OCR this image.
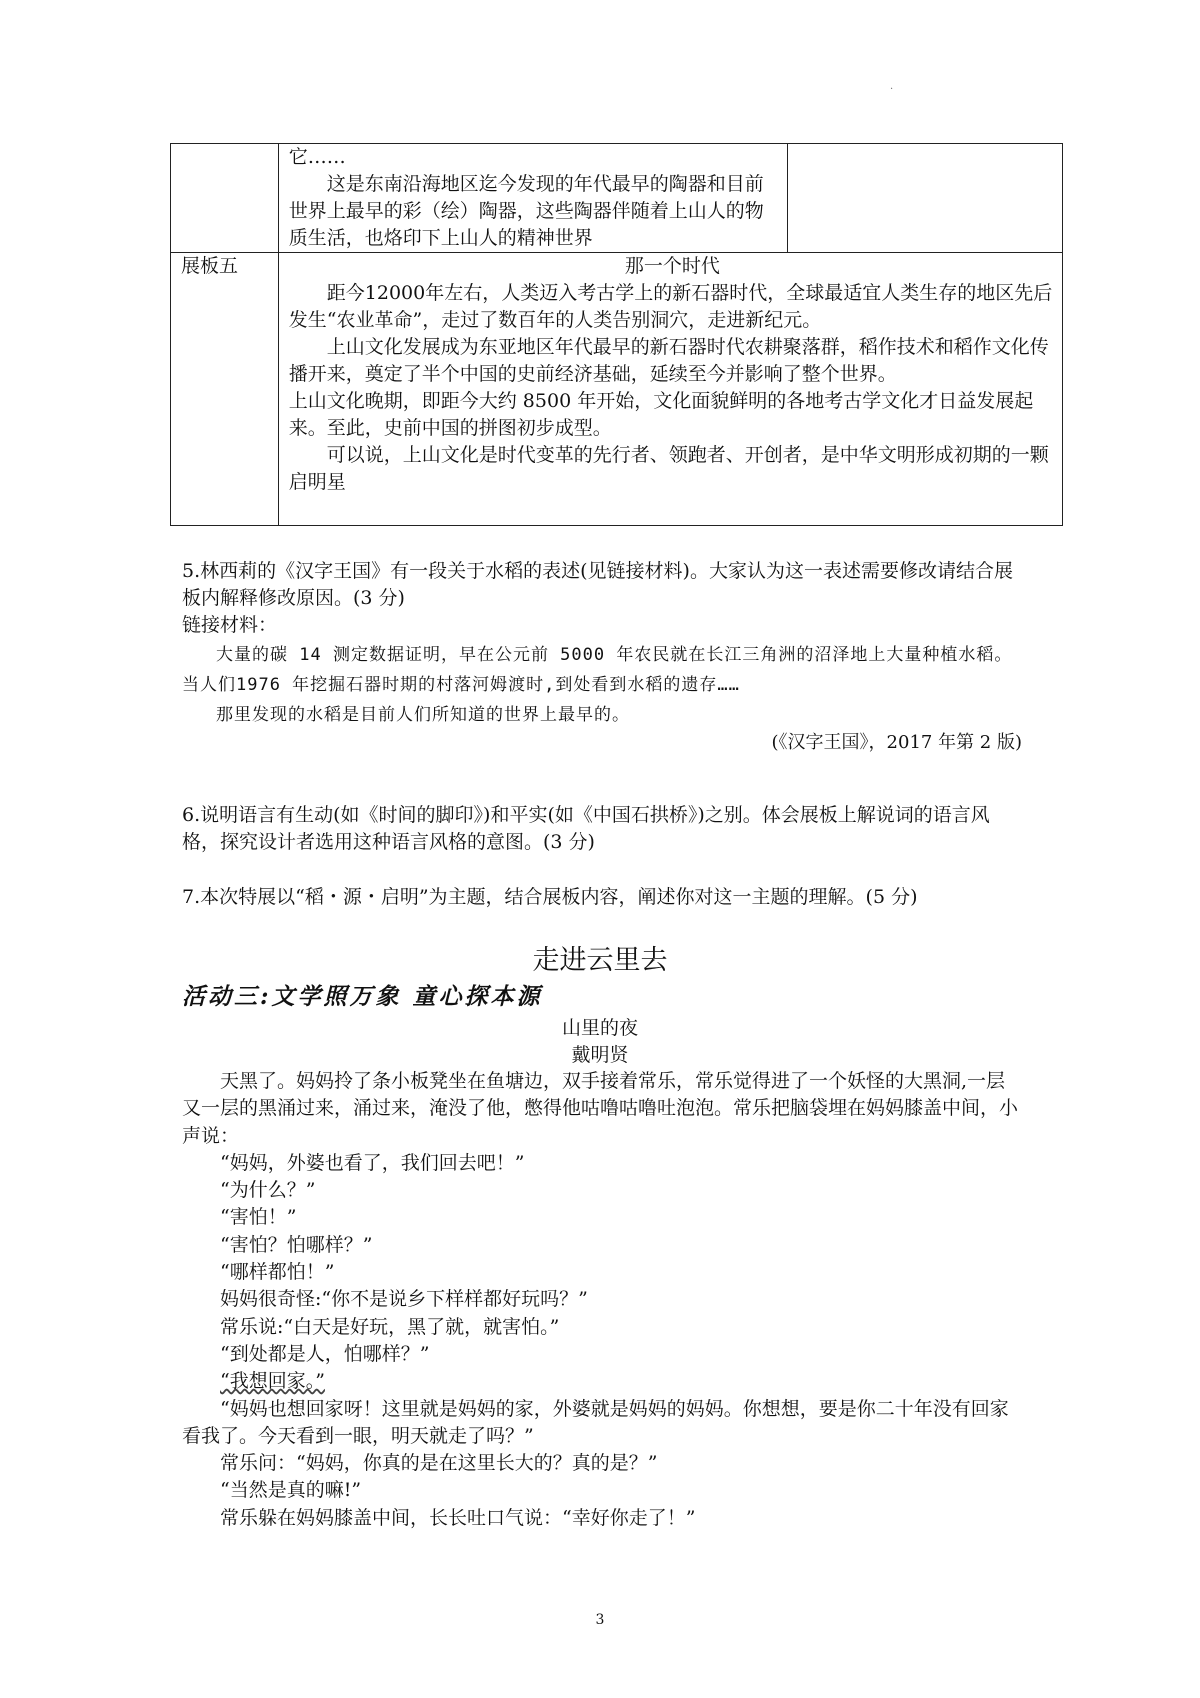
·

	它……

这是东南沿海地区迄今发现的年代最早的陶器和目前世界上最早的彩（绘）陶器，这些陶器伴随着上山人的物质生活，也烙印下上山人的精神世界	

展板五	那一个时代

距今12000年左右，人类迈入考古学上的新石器时代，全球最适宜人类生存的地区先后发生“农业革命”，走过了数百年的人类告别洞穴，走进新纪元。

上山文化发展成为东亚地区年代最早的新石器时代农耕聚落群，稻作技术和稻作文化传播开来，奠定了半个中国的史前经济基础，延续至今并影响了整个世界。

上山文化晚期，即距今大约 8500 年开始，文化面貌鲜明的各地考古学文化才日益发展起来。至此，史前中国的拼图初步成型。

可以说，上山文化是时代变革的先行者、领跑者、开创者，是中华文明形成初期的一颗启明星	

5.林西莉的《汉字王国》有一段关于水稻的表述(见链接材料)。大家认为这一表述需要修改请结合展板内解释修改原因。(3 分)

链接材料：

大量的碳 14 测定数据证明，早在公元前 5000 年农民就在长江三角洲的沼泽地上大量种植水稻。当人们1976 年挖掘石器时期的村落河姆渡时,到处看到水稻的遗存……

那里发现的水稻是目前人们所知道的世界上最早的。

(《汉字王国》，2017 年第 2 版)
6.说明语言有生动(如《时间的脚印》)和平实(如《中国石拱桥》)之别。体会展板上解说词的语言风格，探究设计者选用这种语言风格的意图。(3 分)
7.本次特展以“稻・源・启明”为主题，结合展板内容，阐述你对这一主题的理解。(5 分)
走进云里去
活动三:文学照万象 童心探本源
山里的夜
戴明贤

天黑了。妈妈拎了条小板凳坐在鱼塘边，双手接着常乐，常乐觉得进了一个妖怪的大黑洞,一层又一层的黑涌过来，涌过来，淹没了他，憋得他咕噜咕噜吐泡泡。常乐把脑袋埋在妈妈膝盖中间，小声说：

“妈妈，外婆也看了，我们回去吧！”

“为什么？”

“害怕！”

“害怕？怕哪样？”

“哪样都怕！”

妈妈很奇怪:“你不是说乡下样样都好玩吗？”

常乐说:“白天是好玩，黑了就，就害怕。”

“到处都是人，怕哪样？”

“我想回家。”

“妈妈也想回家呀！这里就是妈妈的家，外婆就是妈妈的妈妈。你想想，要是你二十年没有回家看我了。今天看到一眼，明天就走了吗？”

常乐问：“妈妈，你真的是在这里长大的？真的是？”

“当然是真的嘛!”

常乐躲在妈妈膝盖中间，长长吐口气说：“幸好你走了！”

3
